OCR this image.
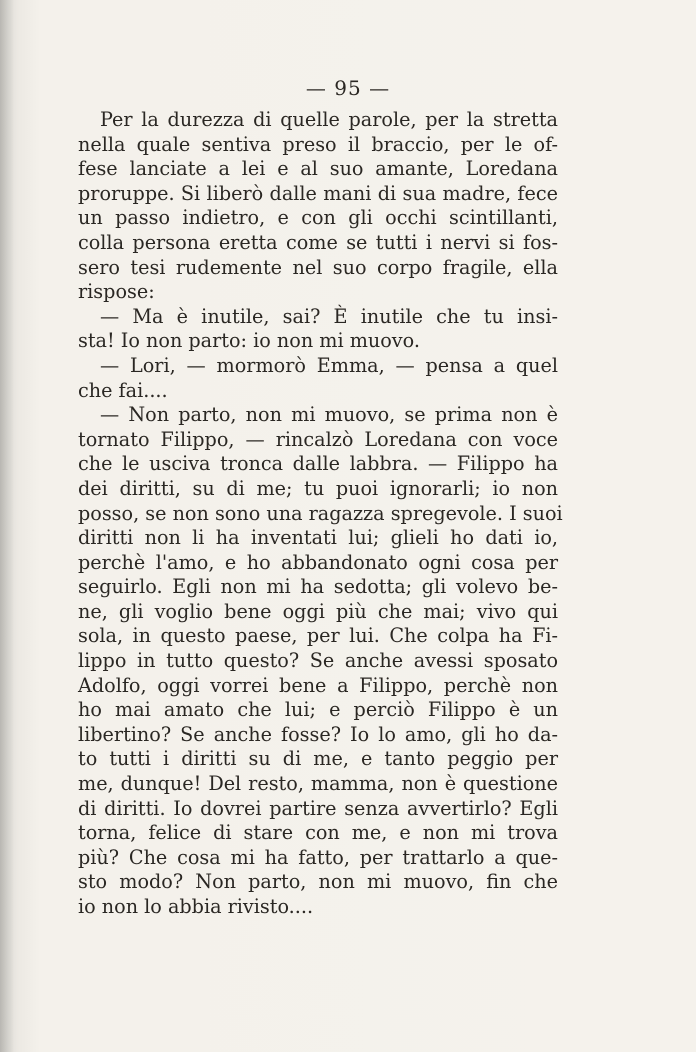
— 95 —

Per la durezza di quelle parole, per la stretta
nella quale sentiva preso il braccio, per le of-
fese lanciate a lei e al suo amante, Loredana
proruppe. Si liberò dalle mani di sua madre, fece
un passo indietro, e con gli occhi scintillanti,
colla persona eretta come se tutti i nervi si fos-
sero tesi rudemente nel suo corpo fragile, ella
rispose:
— Ma è inutile, sai? È inutile che tu insi-
sta! Io non parto: io non mi muovo.
— Lori, — mormorò Emma, — pensa a quel
che fai....
— Non parto, non mi muovo, se prima non è
tornato Filippo, — rincalzò Loredana con voce
che le usciva tronca dalle labbra. — Filippo ha
dei diritti, su di me; tu puoi ignorarli; io non
posso, se non sono una ragazza spregevole. I suoi
diritti non li ha inventati lui; glieli ho dati io,
perchè l'amo, e ho abbandonato ogni cosa per
seguirlo. Egli non mi ha sedotta; gli volevo be-
ne, gli voglio bene oggi più che mai; vivo qui
sola, in questo paese, per lui. Che colpa ha Fi-
lippo in tutto questo? Se anche avessi sposato
Adolfo, oggi vorrei bene a Filippo, perchè non
ho mai amato che lui; e perciò Filippo è un
libertino? Se anche fosse? Io lo amo, gli ho da-
to tutti i diritti su di me, e tanto peggio per
me, dunque! Del resto, mamma, non è questione
di diritti. Io dovrei partire senza avvertirlo? Egli
torna, felice di stare con me, e non mi trova
più? Che cosa mi ha fatto, per trattarlo a que-
sto modo? Non parto, non mi muovo, fin che
io non lo abbia rivisto....
